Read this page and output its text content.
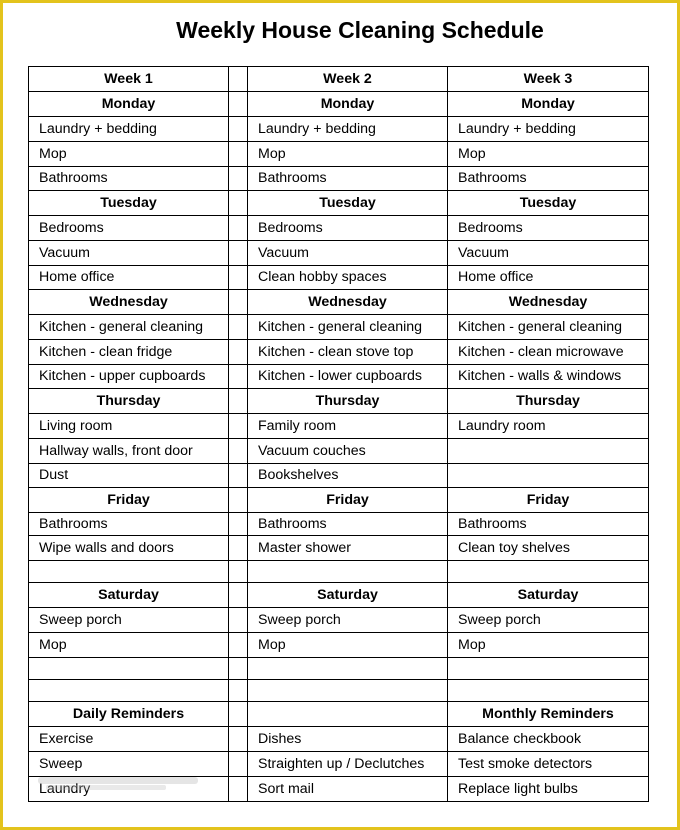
Weekly House Cleaning Schedule
Week 1		Week 2	Week 3
Monday		Monday	Monday
Laundry + bedding		Laundry + bedding	Laundry + bedding
Mop		Mop	Mop
Bathrooms		Bathrooms	Bathrooms
Tuesday		Tuesday	Tuesday
Bedrooms		Bedrooms	Bedrooms
Vacuum		Vacuum	Vacuum
Home office		Clean hobby spaces	Home office
Wednesday		Wednesday	Wednesday
Kitchen - general cleaning		Kitchen - general cleaning	Kitchen - general cleaning
Kitchen - clean fridge		Kitchen - clean stove top	Kitchen - clean microwave
Kitchen - upper cupboards		Kitchen - lower cupboards	Kitchen - walls & windows
Thursday		Thursday	Thursday
Living room		Family room	Laundry room
Hallway walls, front door		Vacuum couches	
Dust		Bookshelves	
Friday		Friday	Friday
Bathrooms		Bathrooms	Bathrooms
Wipe walls and doors		Master shower	Clean toy shelves

Saturday		Saturday	Saturday
Sweep porch		Sweep porch	Sweep porch
Mop		Mop	Mop

Daily Reminders			Monthly Reminders
Exercise		Dishes	Balance checkbook
Sweep		Straighten up / Declutches	Test smoke detectors
Laundry		Sort mail	Replace light bulbs
